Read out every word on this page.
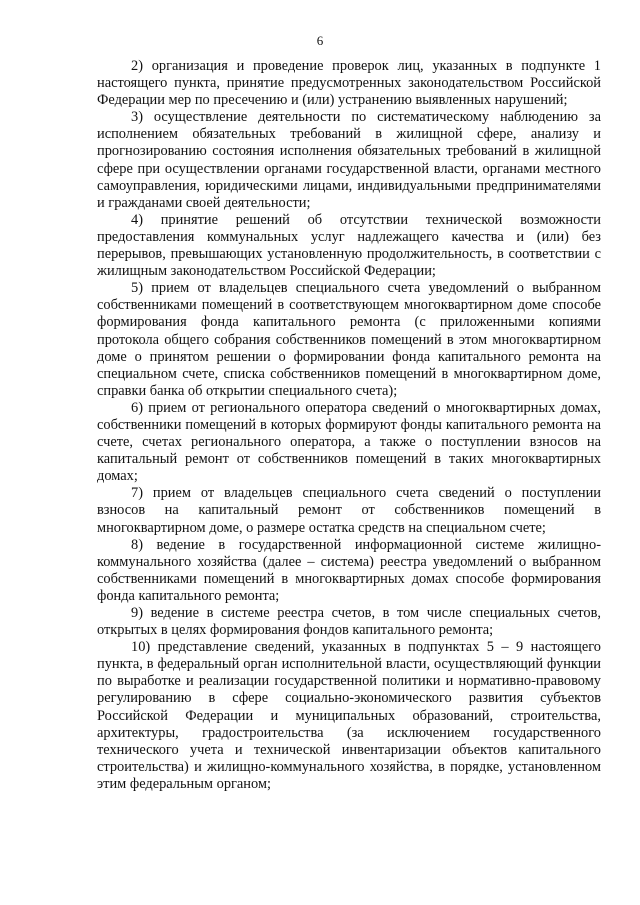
6

2) организация и проведение проверок лиц, указанных в подпункте 1 настоящего пункта, принятие предусмотренных законодательством Российской Федерации мер по пресечению и (или) устранению выявленных нарушений;

3) осуществление деятельности по систематическому наблюдению за исполнением обязательных требований в жилищной сфере, анализу и прогнозированию состояния исполнения обязательных требований в жилищной сфере при осуществлении органами государственной власти, органами местного самоуправления, юридическими лицами, индивидуальными предпринимателями и гражданами своей деятельности;

4) принятие решений об отсутствии технической возможности предоставления коммунальных услуг надлежащего качества и (или) без перерывов, превышающих установленную продолжительность, в соответствии с жилищным законодательством Российской Федерации;

5) прием от владельцев специального счета уведомлений о выбранном собственниками помещений в соответствующем многоквартирном доме способе формирования фонда капитального ремонта (с приложенными копиями протокола общего собрания собственников помещений в этом многоквартирном доме о принятом решении о формировании фонда капитального ремонта на специальном счете, списка собственников помещений в многоквартирном доме, справки банка об открытии специального счета);

6) прием от регионального оператора сведений о многоквартирных домах, собственники помещений в которых формируют фонды капитального ремонта на счете, счетах регионального оператора, а также о поступлении взносов на капитальный ремонт от собственников помещений в таких многоквартирных домах;

7) прием от владельцев специального счета сведений о поступлении взносов на капитальный ремонт от собственников помещений в многоквартирном доме, о размере остатка средств на специальном счете;

8) ведение в государственной информационной системе жилищно-коммунального хозяйства (далее – система) реестра уведомлений о выбранном собственниками помещений в многоквартирных домах способе формирования фонда капитального ремонта;

9) ведение в системе реестра счетов, в том числе специальных счетов, открытых в целях формирования фондов капитального ремонта;

10) представление сведений, указанных в подпунктах 5 – 9 настоящего пункта, в федеральный орган исполнительной власти, осуществляющий функции по выработке и реализации государственной политики и нормативно-правовому регулированию в сфере социально-экономического развития субъектов Российской Федерации и муниципальных образований, строительства, архитектуры, градостроительства (за исключением государственного технического учета и технической инвентаризации объектов капитального строительства) и жилищно-коммунального хозяйства, в порядке, установленном этим федеральным органом;
